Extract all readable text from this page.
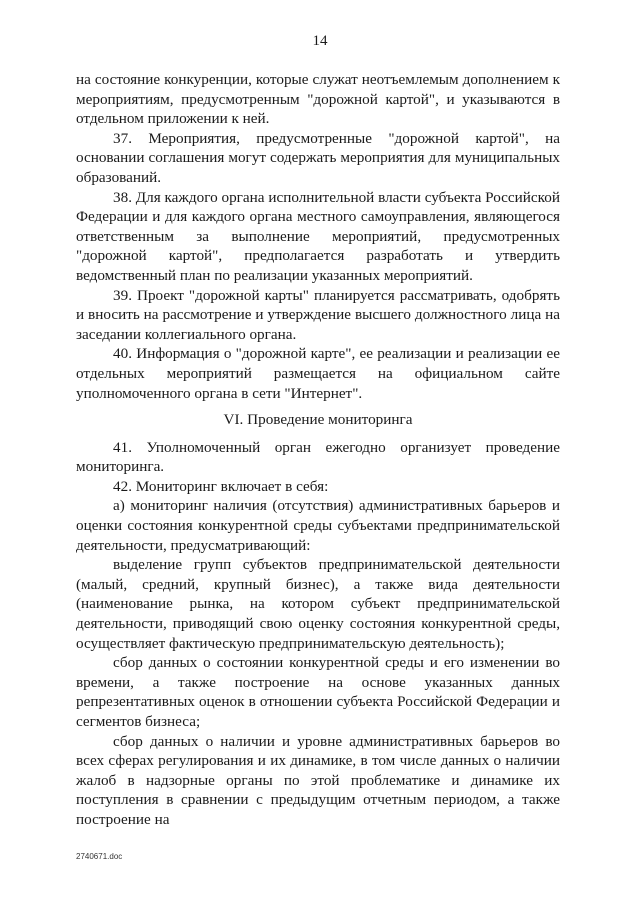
14

на состояние конкуренции, которые служат неотъемлемым дополнением к мероприятиям, предусмотренным "дорожной картой", и указываются в отдельном приложении к ней.

37. Мероприятия, предусмотренные "дорожной картой", на основании соглашения могут содержать мероприятия для муниципальных образований.

38. Для каждого органа исполнительной власти субъекта Российской Федерации и для каждого органа местного самоуправления, являющегося ответственным за выполнение мероприятий, предусмотренных "дорожной картой", предполагается разработать и утвердить ведомственный план по реализации указанных мероприятий.

39. Проект "дорожной карты" планируется рассматривать, одобрять и вносить на рассмотрение и утверждение высшего должностного лица на заседании коллегиального органа.

40. Информация о "дорожной карте", ее реализации и реализации ее отдельных мероприятий размещается на официальном сайте уполномоченного органа в сети "Интернет".

VI. Проведение мониторинга

41. Уполномоченный орган ежегодно организует проведение мониторинга.

42. Мониторинг включает в себя:

а) мониторинг наличия (отсутствия) административных барьеров и оценки состояния конкурентной среды субъектами предпринимательской деятельности, предусматривающий:

выделение групп субъектов предпринимательской деятельности (малый, средний, крупный бизнес), а также вида деятельности (наименование рынка, на котором субъект предпринимательской деятельности, приводящий свою оценку состояния конкурентной среды, осуществляет фактическую предпринимательскую деятельность);

сбор данных о состоянии конкурентной среды и его изменении во времени, а также построение на основе указанных данных репрезентативных оценок в отношении субъекта Российской Федерации и сегментов бизнеса;

сбор данных о наличии и уровне административных барьеров во всех сферах регулирования и их динамике, в том числе данных о наличии жалоб в надзорные органы по этой проблематике и динамике их поступления в сравнении с предыдущим отчетным периодом, а также построение на

2740671.doc
